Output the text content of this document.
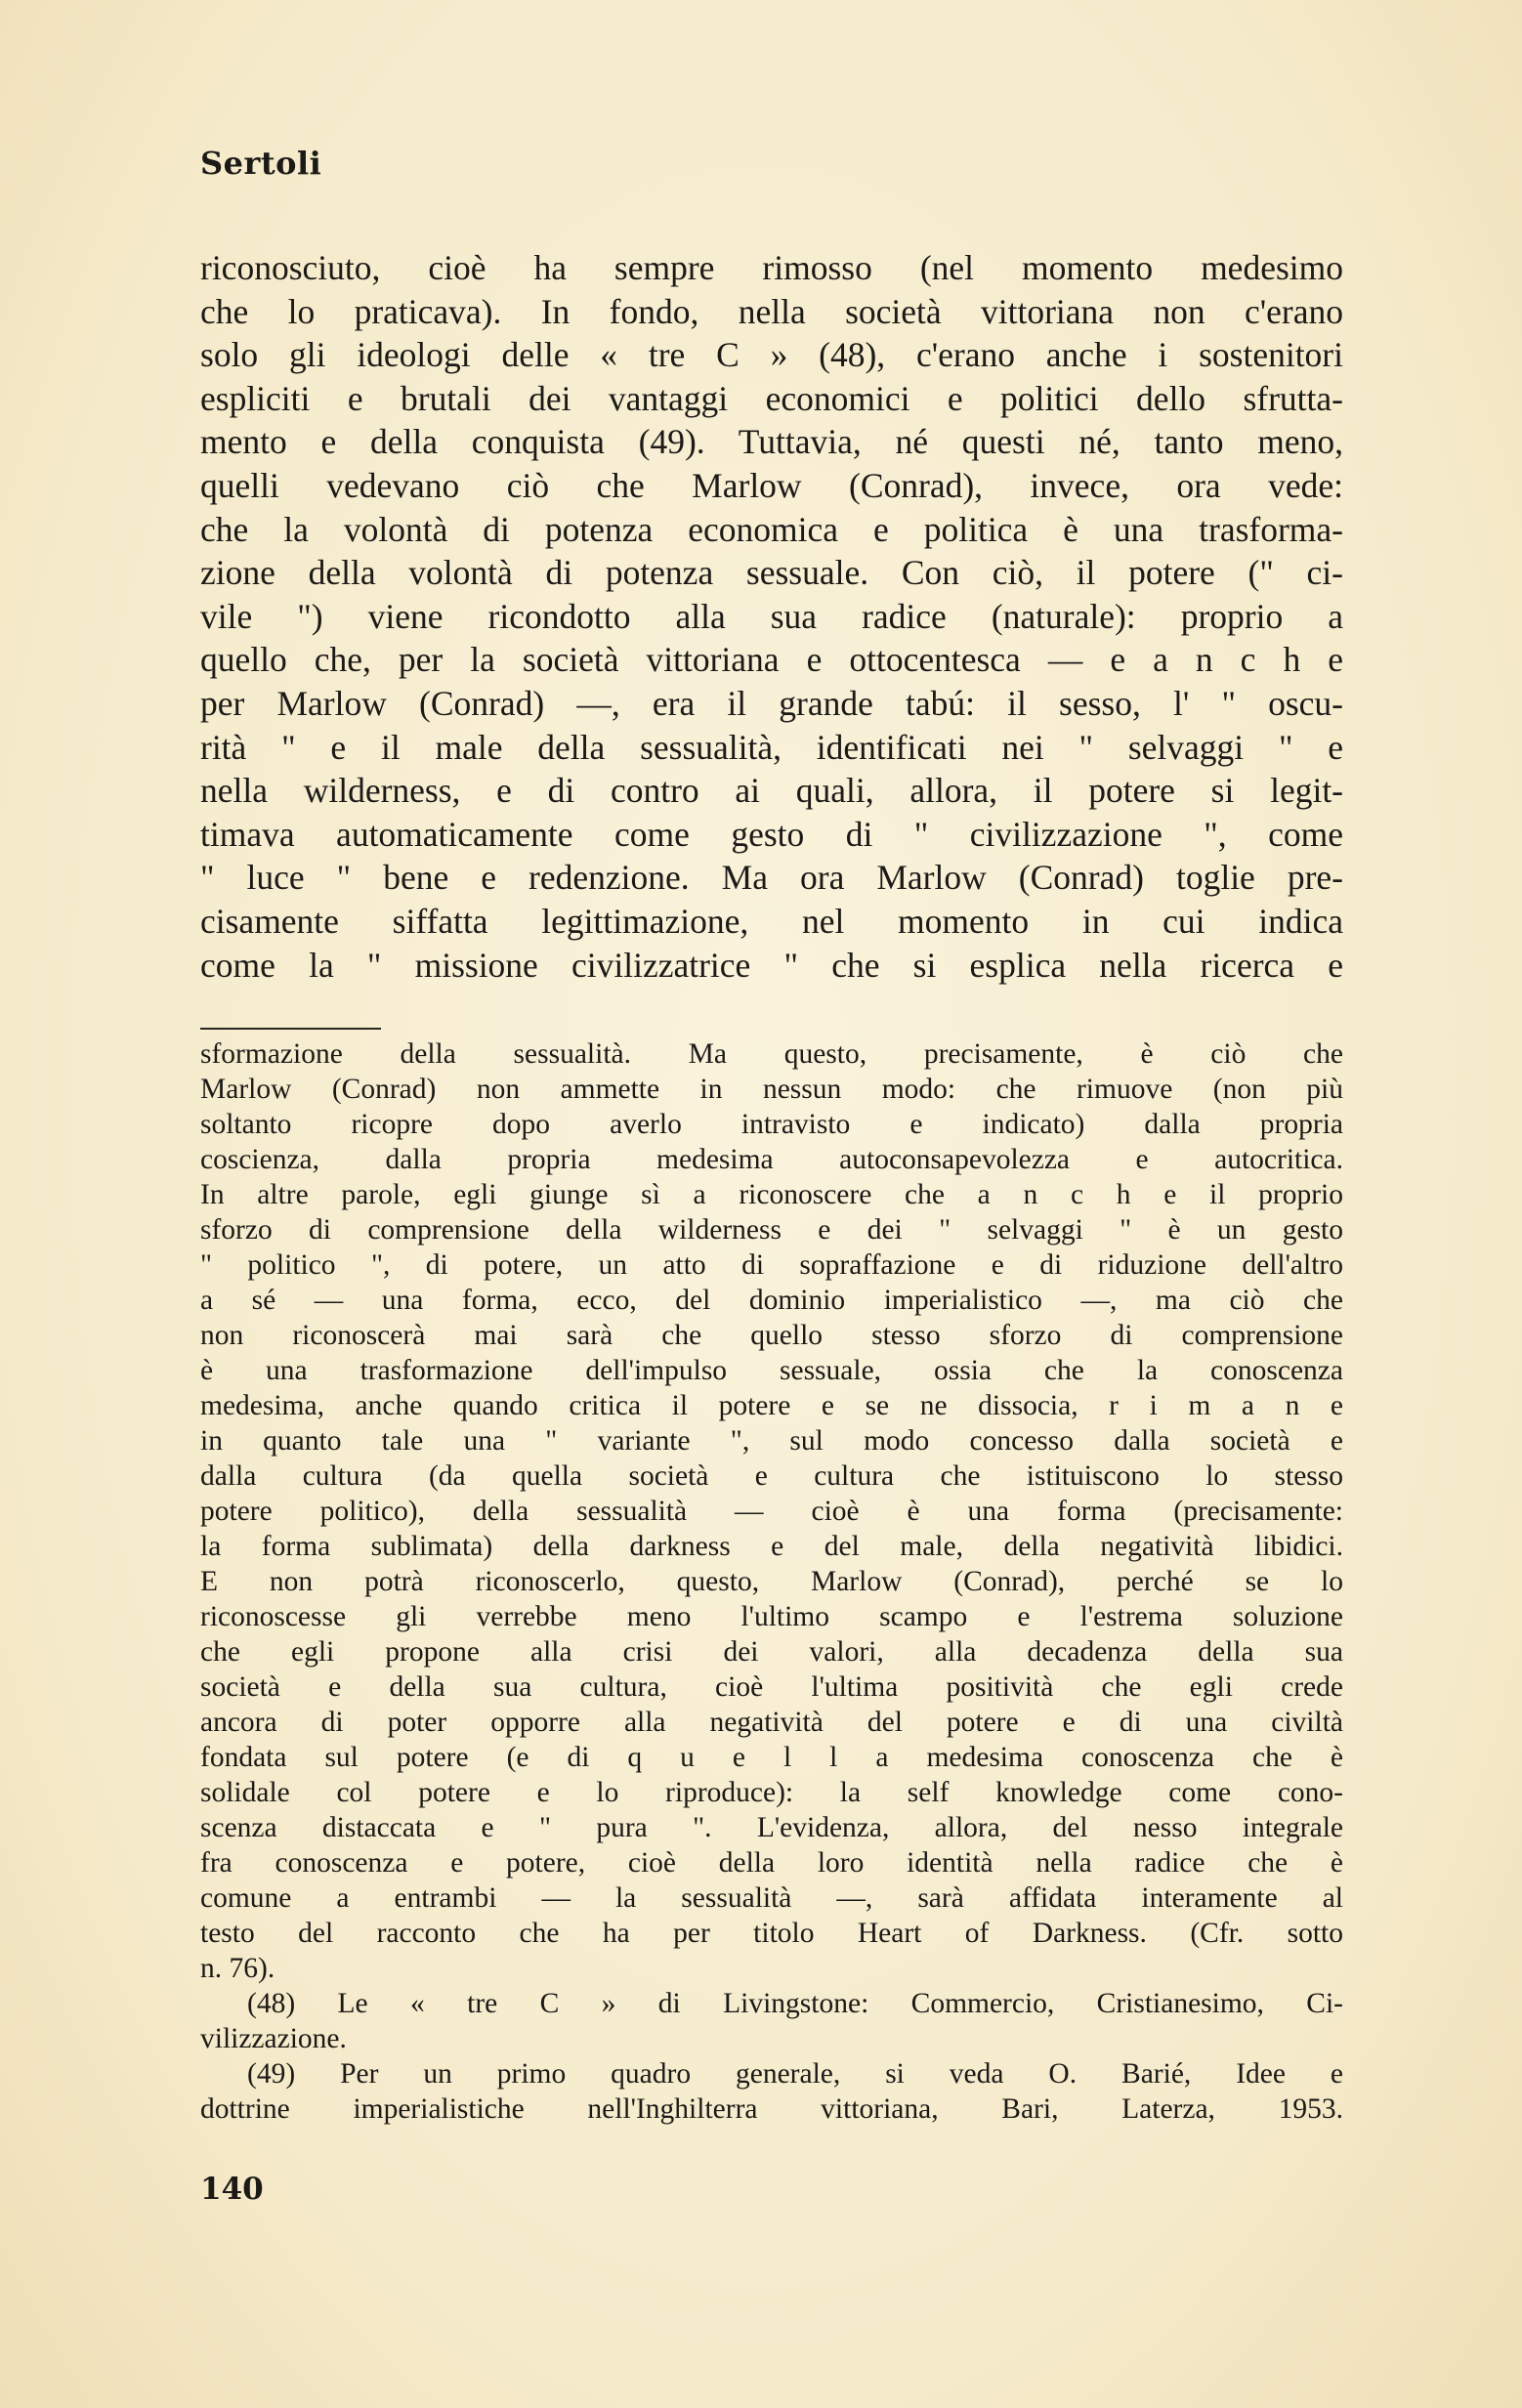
Sertoli
riconosciuto, cioè ha sempre rimosso (nel momento medesimo
che lo praticava). In fondo, nella società vittoriana non c'erano
solo gli ideologi delle « tre C » (48), c'erano anche i sostenitori
espliciti e brutali dei vantaggi economici e politici dello sfrutta-
mento e della conquista (49). Tuttavia, né questi né, tanto meno,
quelli vedevano ciò che Marlow (Conrad), invece, ora vede:
che la volontà di potenza economica e politica è una trasforma-
zione della volontà di potenza sessuale. Con ciò, il potere (" ci-
vile ") viene ricondotto alla sua radice (naturale): proprio a
quello che, per la società vittoriana e ottocentesca — e a n c h e
per Marlow (Conrad) —, era il grande tabú: il sesso, l' " oscu-
rità " e il male della sessualità, identificati nei " selvaggi " e
nella wilderness, e di contro ai quali, allora, il potere si legit-
timava automaticamente come gesto di " civilizzazione ", come
" luce " bene e redenzione. Ma ora Marlow (Conrad) toglie pre-
cisamente siffatta legittimazione, nel momento in cui indica
come la " missione civilizzatrice " che si esplica nella ricerca e
sformazione della sessualità. Ma questo, precisamente, è ciò che
Marlow (Conrad) non ammette in nessun modo: che rimuove (non più
soltanto ricopre dopo averlo intravisto e indicato) dalla propria
coscienza, dalla propria medesima autoconsapevolezza e autocritica.
In altre parole, egli giunge sì a riconoscere che a n c h e il proprio
sforzo di comprensione della wilderness e dei " selvaggi " è un gesto
" politico ", di potere, un atto di sopraffazione e di riduzione dell'altro
a sé — una forma, ecco, del dominio imperialistico —, ma ciò che
non riconoscerà mai sarà che quello stesso sforzo di comprensione
è una trasformazione dell'impulso sessuale, ossia che la conoscenza
medesima, anche quando critica il potere e se ne dissocia, r i m a n e
in quanto tale una " variante ", sul modo concesso dalla società e
dalla cultura (da quella società e cultura che istituiscono lo stesso
potere politico), della sessualità — cioè è una forma (precisamente:
la forma sublimata) della darkness e del male, della negatività libidici.
E non potrà riconoscerlo, questo, Marlow (Conrad), perché se lo
riconoscesse gli verrebbe meno l'ultimo scampo e l'estrema soluzione
che egli propone alla crisi dei valori, alla decadenza della sua
società e della sua cultura, cioè l'ultima positività che egli crede
ancora di poter opporre alla negatività del potere e di una civiltà
fondata sul potere (e di q u e l l a medesima conoscenza che è
solidale col potere e lo riproduce): la self knowledge come cono-
scenza distaccata e " pura ". L'evidenza, allora, del nesso integrale
fra conoscenza e potere, cioè della loro identità nella radice che è
comune a entrambi — la sessualità —, sarà affidata interamente al
testo del racconto che ha per titolo Heart of Darkness. (Cfr. sotto
n. 76).
(48) Le « tre C » di Livingstone: Commercio, Cristianesimo, Ci-
vilizzazione.
(49) Per un primo quadro generale, si veda O. Barié, Idee e
dottrine imperialistiche nell'Inghilterra vittoriana, Bari, Laterza, 1953.
140
